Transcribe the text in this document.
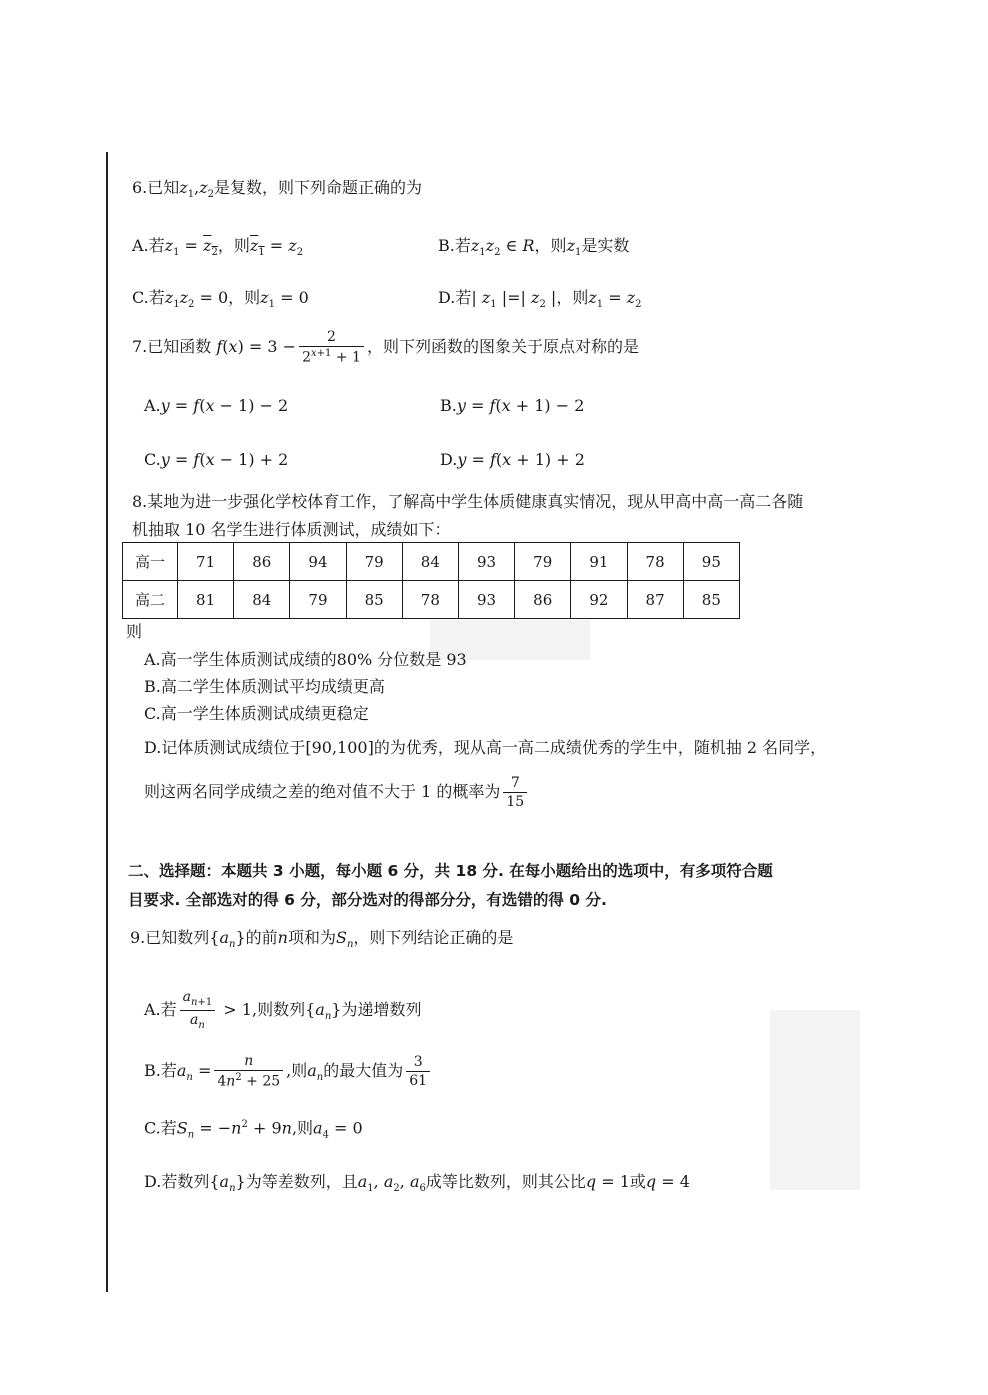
6.已知$z_1,z_2$是复数，则下列命题正确的为
A.若$z_1 = z_2$，则$z_1 = z_2$	B.若$z_1z_2$ ∈ R，则$z_1$是实数
C.若$z_1z_2 = 0$，则$z_1 = 0$	D.若| $z_1$ |=| $z_2$ |，则$z_1 = z_2$
7.已知函数 $f(x) = 3 - \frac{2}{2^{x+1} + 1}$ ，则下列函数的图象关于原点对称的是
A.y = f(x − 1) − 2	B.y = f(x + 1) − 2
C.y = f(x − 1) + 2	D.y = f(x + 1) + 2
8.某地为进一步强化学校体育工作，了解高中学生体质健康真实情况，现从甲高中高一高二各随
机抽取 10 名学生进行体质测试，成绩如下：
高一	71	86	94	79	84	93	79	91	78	95
高二	81	84	79	85	78	93	86	92	87	85
则
A.高一学生体质测试成绩的80% 分位数是 93
B.高二学生体质测试平均成绩更高
C.高一学生体质测试成绩更稳定
D.记体质测试成绩位于[90,100]的为优秀，现从高一高二成绩优秀的学生中，随机抽 2 名同学，
则这两名同学成绩之差的绝对值不大于 1 的概率为 $\frac{7}{15}$
二、选择题：本题共 3 小题，每小题 6 分，共 18 分. 在每小题给出的选项中，有多项符合题
目要求. 全部选对的得 6 分，部分选对的得部分分，有选错的得 0 分.
9.已知数列$\{a_n\}$的前n项和为$S_n$，则下列结论正确的是
A.若 $\frac{a_{n+1}}{a_n} > 1$,则数列$\{a_n\}$为递增数列
B.若$a_n = \frac{n}{4n^2 + 25}$ ,则$a_n$的最大值为 $\frac{3}{61}$
C.若$S_n = -n^2 + 9n$,则$a_4 = 0$
D.若数列$\{a_n\}$为等差数列，且$a_1$, $a_2$, $a_6$成等比数列，则其公比q = 1或q = 4
